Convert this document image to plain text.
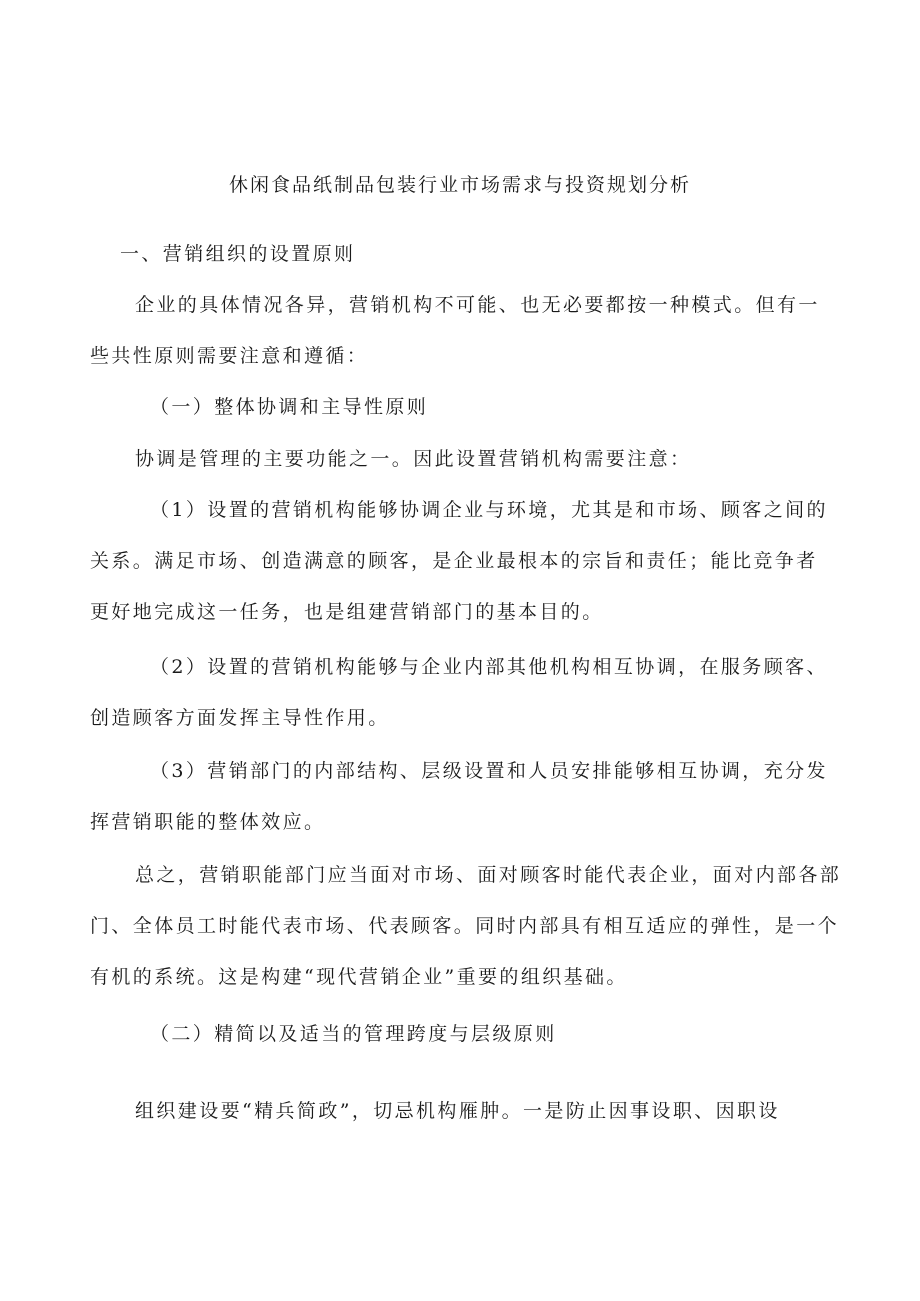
休闲食品纸制品包装行业市场需求与投资规划分析
一、营销组织的设置原则
企业的具体情况各异，营销机构不可能、也无必要都按一种模式。但有一
些共性原则需要注意和遵循：
（一）整体协调和主导性原则
协调是管理的主要功能之一。因此设置营销机构需要注意：
（1）设置的营销机构能够协调企业与环境，尤其是和市场、顾客之间的
关系。满足市场、创造满意的顾客，是企业最根本的宗旨和责任；能比竞争者
更好地完成这一任务，也是组建营销部门的基本目的。
（2）设置的营销机构能够与企业内部其他机构相互协调，在服务顾客、
创造顾客方面发挥主导性作用。
（3）营销部门的内部结构、层级设置和人员安排能够相互协调，充分发
挥营销职能的整体效应。
总之，营销职能部门应当面对市场、面对顾客时能代表企业，面对内部各部
门、全体员工时能代表市场、代表顾客。同时内部具有相互适应的弹性，是一个
有机的系统。这是构建“现代营销企业”重要的组织基础。
（二）精简以及适当的管理跨度与层级原则
组织建设要“精兵简政”，切忌机构雁肿。一是防止因事设职、因职设
